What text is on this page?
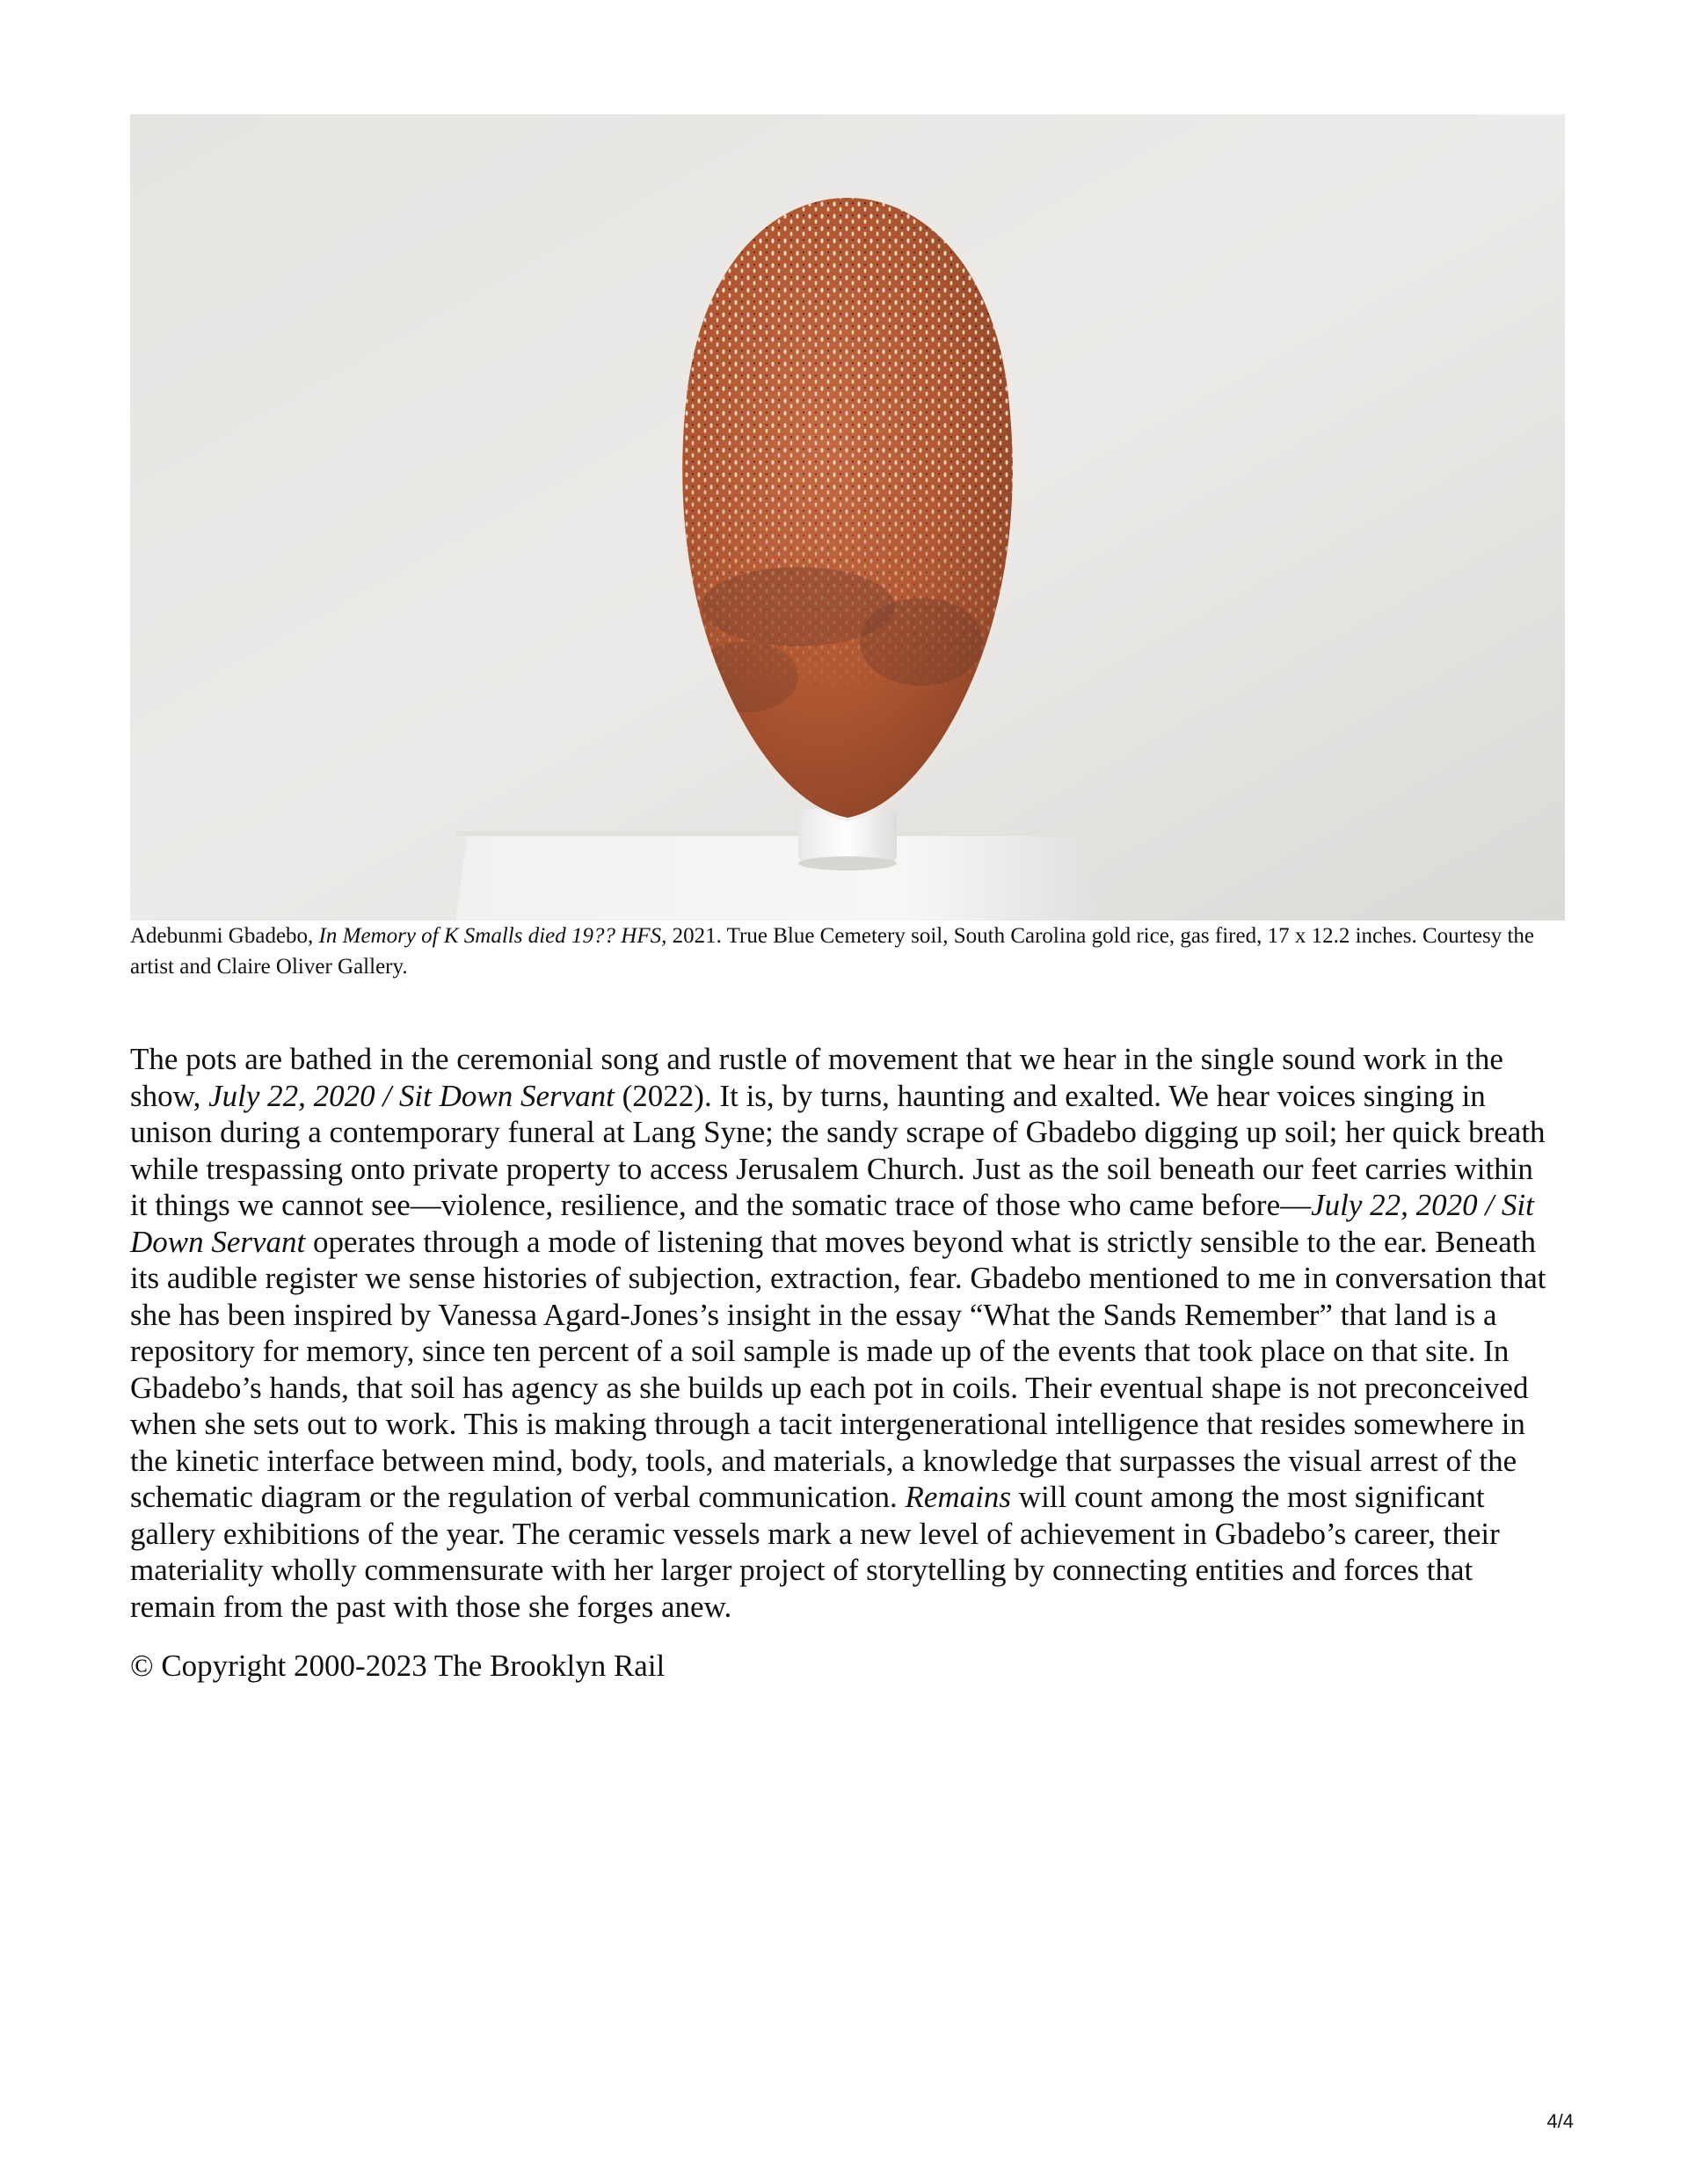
Adebunmi Gbadebo, In Memory of K Smalls died 19?? HFS, 2021. True Blue Cemetery soil, South Carolina gold rice, gas fired, 17 x 12.2 inches. Courtesy the artist and Claire Oliver Gallery.

The pots are bathed in the ceremonial song and rustle of movement that we hear in the single sound work in the show, July 22, 2020 / Sit Down Servant (2022). It is, by turns, haunting and exalted. We hear voices singing in unison during a contemporary funeral at Lang Syne; the sandy scrape of Gbadebo digging up soil; her quick breath while trespassing onto private property to access Jerusalem Church. Just as the soil beneath our feet carries within it things we cannot see—violence, resilience, and the somatic trace of those who came before—July 22, 2020 / Sit Down Servant operates through a mode of listening that moves beyond what is strictly sensible to the ear. Beneath its audible register we sense histories of subjection, extraction, fear. Gbadebo mentioned to me in conversation that she has been inspired by Vanessa Agard-Jones’s insight in the essay “What the Sands Remember” that land is a repository for memory, since ten percent of a soil sample is made up of the events that took place on that site. In Gbadebo’s hands, that soil has agency as she builds up each pot in coils. Their eventual shape is not preconceived when she sets out to work. This is making through a tacit intergenerational intelligence that resides somewhere in the kinetic interface between mind, body, tools, and materials, a knowledge that surpasses the visual arrest of the schematic diagram or the regulation of verbal communication. Remains will count among the most significant gallery exhibitions of the year. The ceramic vessels mark a new level of achievement in Gbadebo’s career, their materiality wholly commensurate with her larger project of storytelling by connecting entities and forces that remain from the past with those she forges anew.

© Copyright 2000-2023 The Brooklyn Rail
4/4
